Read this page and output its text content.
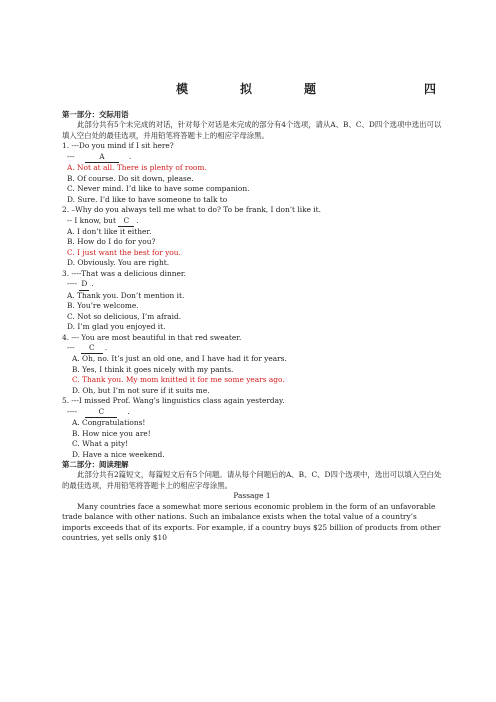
模	拟	题	四
第一部分：交际用语
此部分共有5个未完成的对话，针对每个对话是未完成的部分有4个选项，请从A、B、C、D四个选项中选出可以填入空白处的最佳选项，并用铅笔将答题卡上的相应字母涂黑。
1. ---Do you mind if I sit here?
---	A	.
A. Not at all. There is plenty of room.
B. Of course. Do sit down, please.
C. Never mind. I’d like to have some companion.
D. Sure. I’d like to have someone to talk to
2. –Why do you always tell me what to do? To be frank, I don’t like it.
-- I know, but C .
A. I don’t like it either.
B. How do I do for you?
C. I just want the best for you.
D. Obviously. You are right.
3. ----That was a delicious dinner.
---- D .
A. Thank you. Don’t mention it.
B. You’re welcome.
C. Not so delicious, I’m afraid.
D. I’m glad you enjoyed it.
4. --- You are most beautiful in that red sweater.
--- C .
A. Oh, no. It’s just an old one, and I have had it for years.
B. Yes, I think it goes nicely with my pants.
C. Thank you. My mom knitted it for me some years ago.
D. Oh, but I’m not sure if it suits me.
5. ---I missed Prof. Wang’s linguistics class again yesterday.
----	C	.
A. Congratulations!
B. How nice you are!
C. What a pity!
D. Have a nice weekend.
第二部分：阅读理解
此部分共有2篇短文，每篇短文后有5个问题。请从每个问题后的A、B、C、D四个选项中，选出可以填入空白处的最佳选项，并用铅笔将答题卡上的相应字母涂黑。
Passage 1
Many countries face a somewhat more serious economic problem in the form of an unfavorable trade balance with other nations. Such an imbalance exists when the total value of a country’s imports exceeds that of its exports. For example, if a country buys $25 billion of products from other countries, yet sells only $10
